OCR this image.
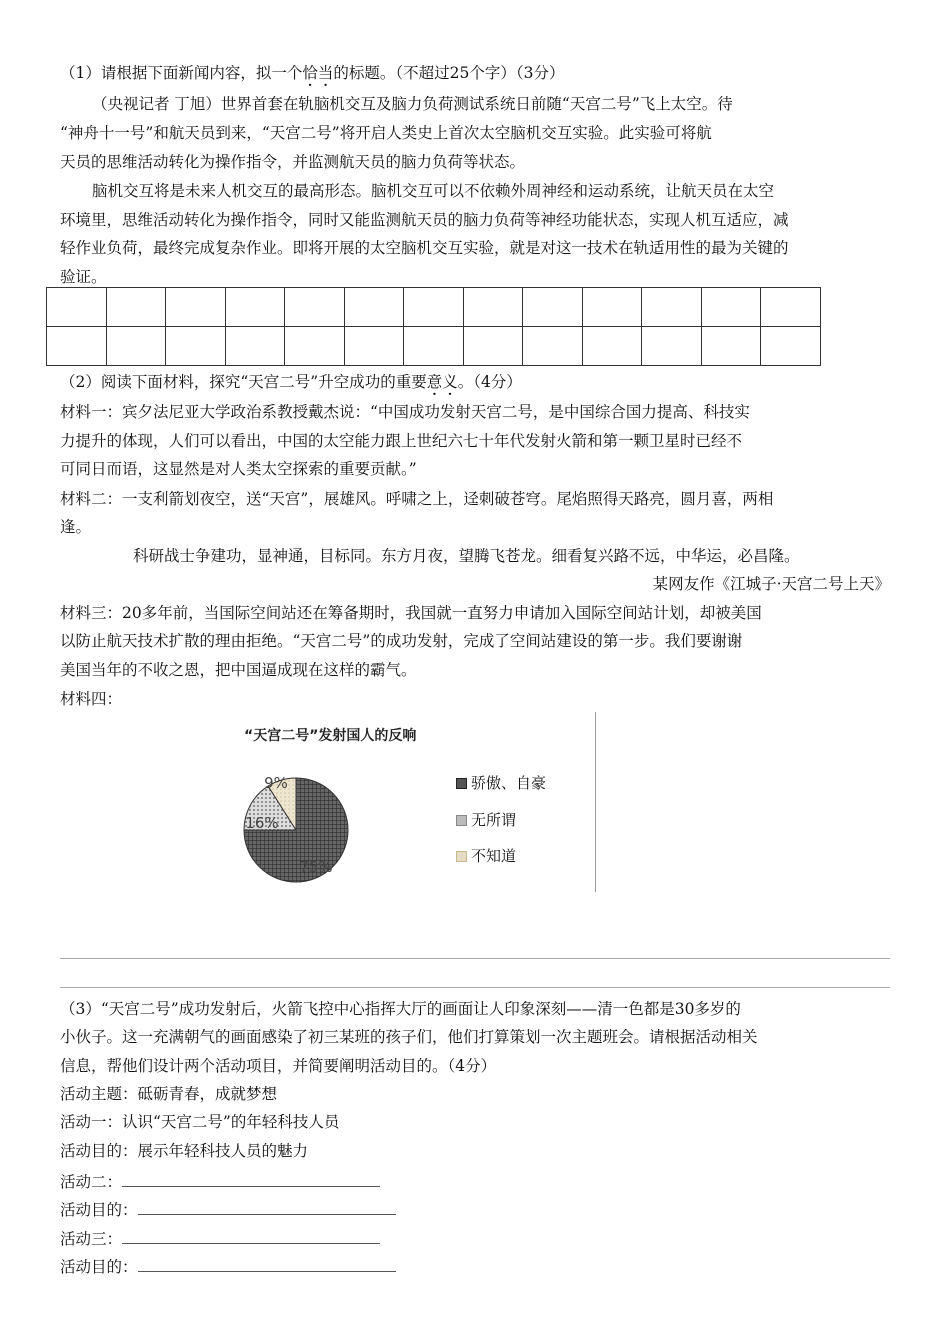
（1）请根据下面新闻内容，拟一个恰当的标题。（不超过25个字）（3分）
（央视记者 丁旭）世界首套在轨脑机交互及脑力负荷测试系统日前随“天宫二号”飞上太空。待
“神舟十一号”和航天员到来，“天宫二号”将开启人类史上首次太空脑机交互实验。此实验可将航
天员的思维活动转化为操作指令，并监测航天员的脑力负荷等状态。
脑机交互将是未来人机交互的最高形态。脑机交互可以不依赖外周神经和运动系统，让航天员在太空
环境里，思维活动转化为操作指令，同时又能监测航天员的脑力负荷等神经功能状态，实现人机互适应，减
轻作业负荷，最终完成复杂作业。即将开展的太空脑机交互实验，就是对这一技术在轨适用性的最为关键的
验证。

（2）阅读下面材料，探究“天宫二号”升空成功的重要意义。（4分）
材料一：宾夕法尼亚大学政治系教授戴杰说：“中国成功发射天宫二号，是中国综合国力提高、科技实
力提升的体现，人们可以看出，中国的太空能力跟上世纪六七十年代发射火箭和第一颗卫星时已经不
可同日而语，这显然是对人类太空探索的重要贡献。”
材料二：一支利箭划夜空，送“天宫”，展雄风。呼啸之上，迳刺破苍穹。尾焰照得天路亮，圆月喜，两相
逢。
科研战士争建功，显神通，目标同。东方月夜，望腾飞苍龙。细看复兴路不远，中华运，必昌隆。
某网友作《江城子·天宫二号上天》
材料三：20多年前，当国际空间站还在筹备期时，我国就一直努力申请加入国际空间站计划，却被美国
以防止航天技术扩散的理由拒绝。“天宫二号”的成功发射，完成了空间站建设的第一步。我们要谢谢
美国当年的不收之恩，把中国逼成现在这样的霸气。
材料四：
“天宫二号”发射国人的反响
75%
16%
9%	骄傲、自豪
无所谓
不知道
（3）“天宫二号”成功发射后，火箭飞控中心指挥大厅的画面让人印象深刻——清一色都是30多岁的
小伙子。这一充满朝气的画面感染了初三某班的孩子们，他们打算策划一次主题班会。请根据活动相关
信息，帮他们设计两个活动项目，并简要阐明活动目的。（4分）
活动主题：砥砺青春，成就梦想
活动一：认识“天宫二号”的年轻科技人员
活动目的：展示年轻科技人员的魅力
活动二：
活动目的：
活动三：
活动目的：
